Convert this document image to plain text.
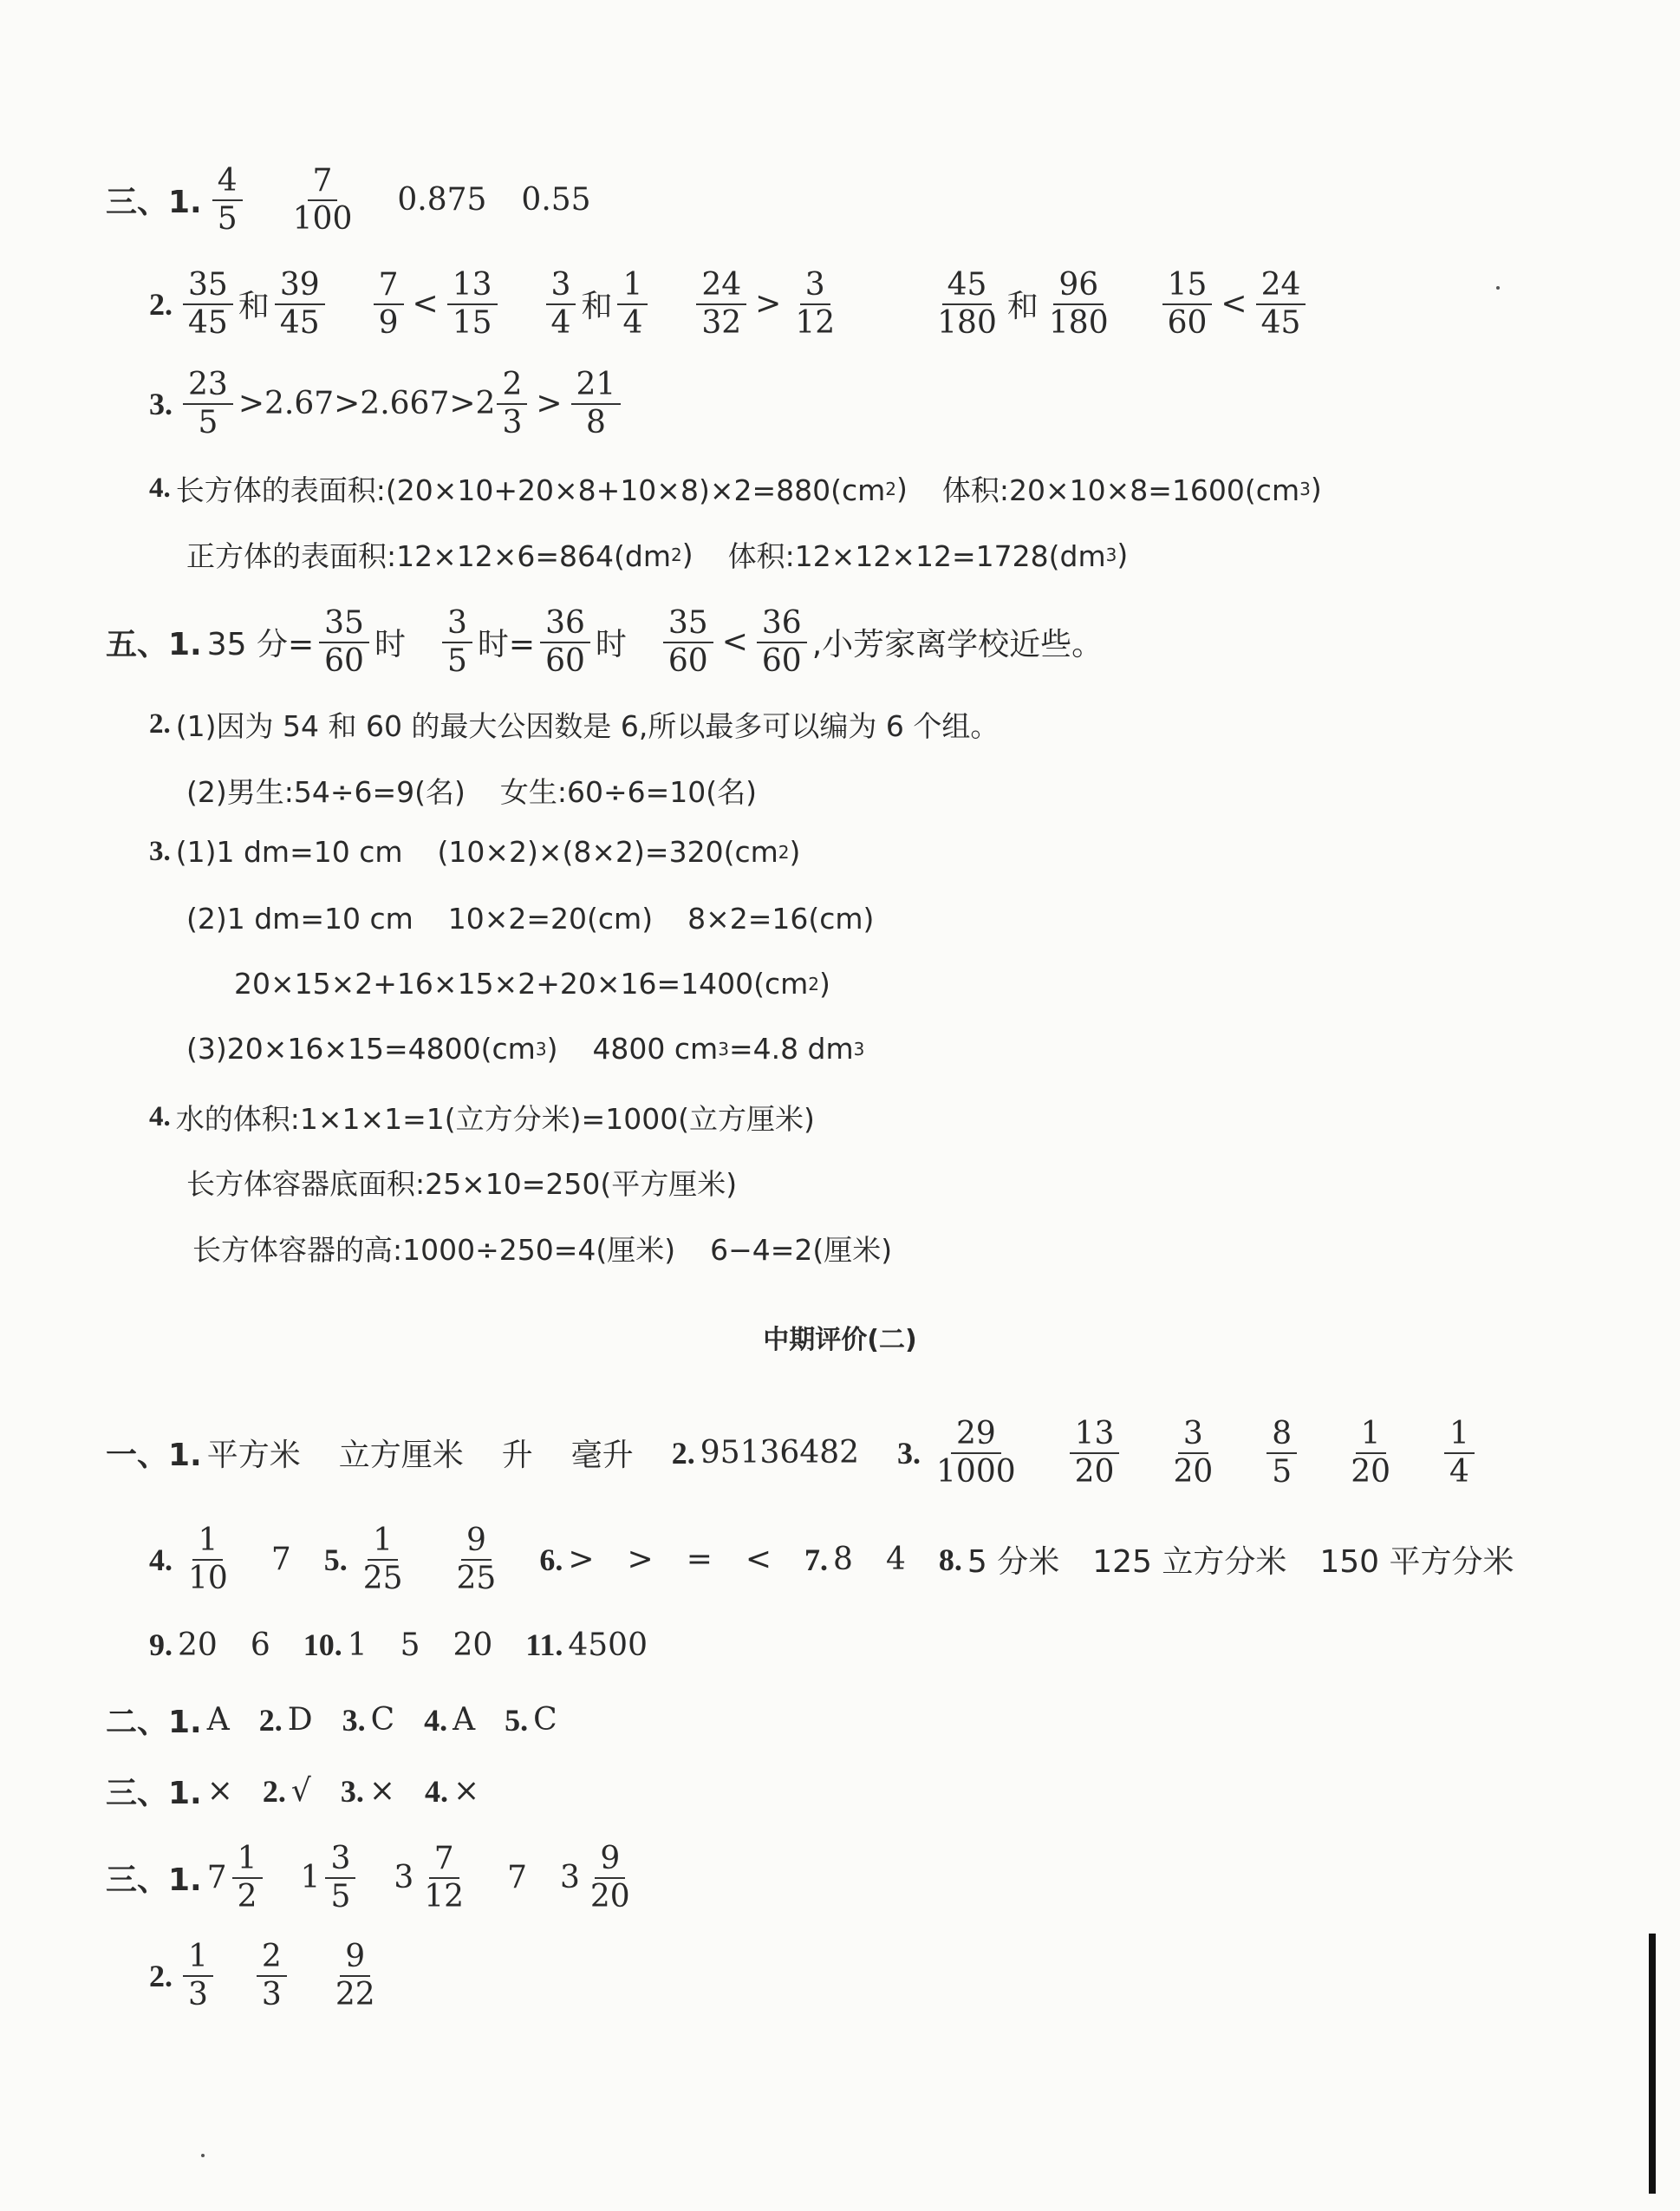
三、1.
4
5
7
100
0.875 0.55
2.
35
45 和
39
45
7
9
<
13
15
3
4 和
1
4
24
32
>
3
12
45
180 和
96
180
15
60
<
24
45
3.
23
5
>2.67>2.667>2
2
3
>
21
8
4. 长方体的表面积:(20×10+20×8+10×8)×2=880(cm 2 ) 体积:20×10×8=1600(cm 3 )
正方体的表面积:12×12×6=864(dm 2 ) 体积:12×12×12=1728(dm 3 )
五、1. 35 分= $\frac{35}{60}$ 时
3
5 时= $\frac{36}{60}$ 时
35
60
<
36
60 ,小芳家离学校近些。
2. (1)因为 54 和 60 的最大公因数是 6,所以最多可以编为 6 个组。
(2)男生:54÷6=9(名) 女生:60÷6=10(名)
3. (1)1 dm=10 cm (10×2)×(8×2)=320(cm 2 )
(2)1 dm=10 cm 10×2=20(cm) 8×2=16(cm)
20×15×2+16×15×2+20×16=1400(cm 2 )
(3)20×16×15=4800(cm 3 ) 4800 cm 3 =4.8 dm 3
4. 水的体积:1×1×1=1(立方分米)=1000(立方厘米)
长方体容器底面积:25×10=250(平方厘米)
长方体容器的高:1000÷250=4(厘米) 6−4=2(厘米)
中期评价(二)
一、1. 平方米 立方厘米 升 毫升 2. 95136482 3.
29
1000
13
20
3
20
8
5
1
20
1
4
4.
1
10
7 5.
1
25
9
25
6. > > = < 7. 8 4 8. 5 分米 125 立方分米 150 平方分米
9. 20 6 10. 1 5 20 11. 4500
二、1. A 2. D 3. C 4. A 5. C
三、1. × 2. √ 3. × 4. ×
三、1. 7
1
2
1
3
5
3
7
12
7 3
9
20
2.
1
3
2
3
9
22
